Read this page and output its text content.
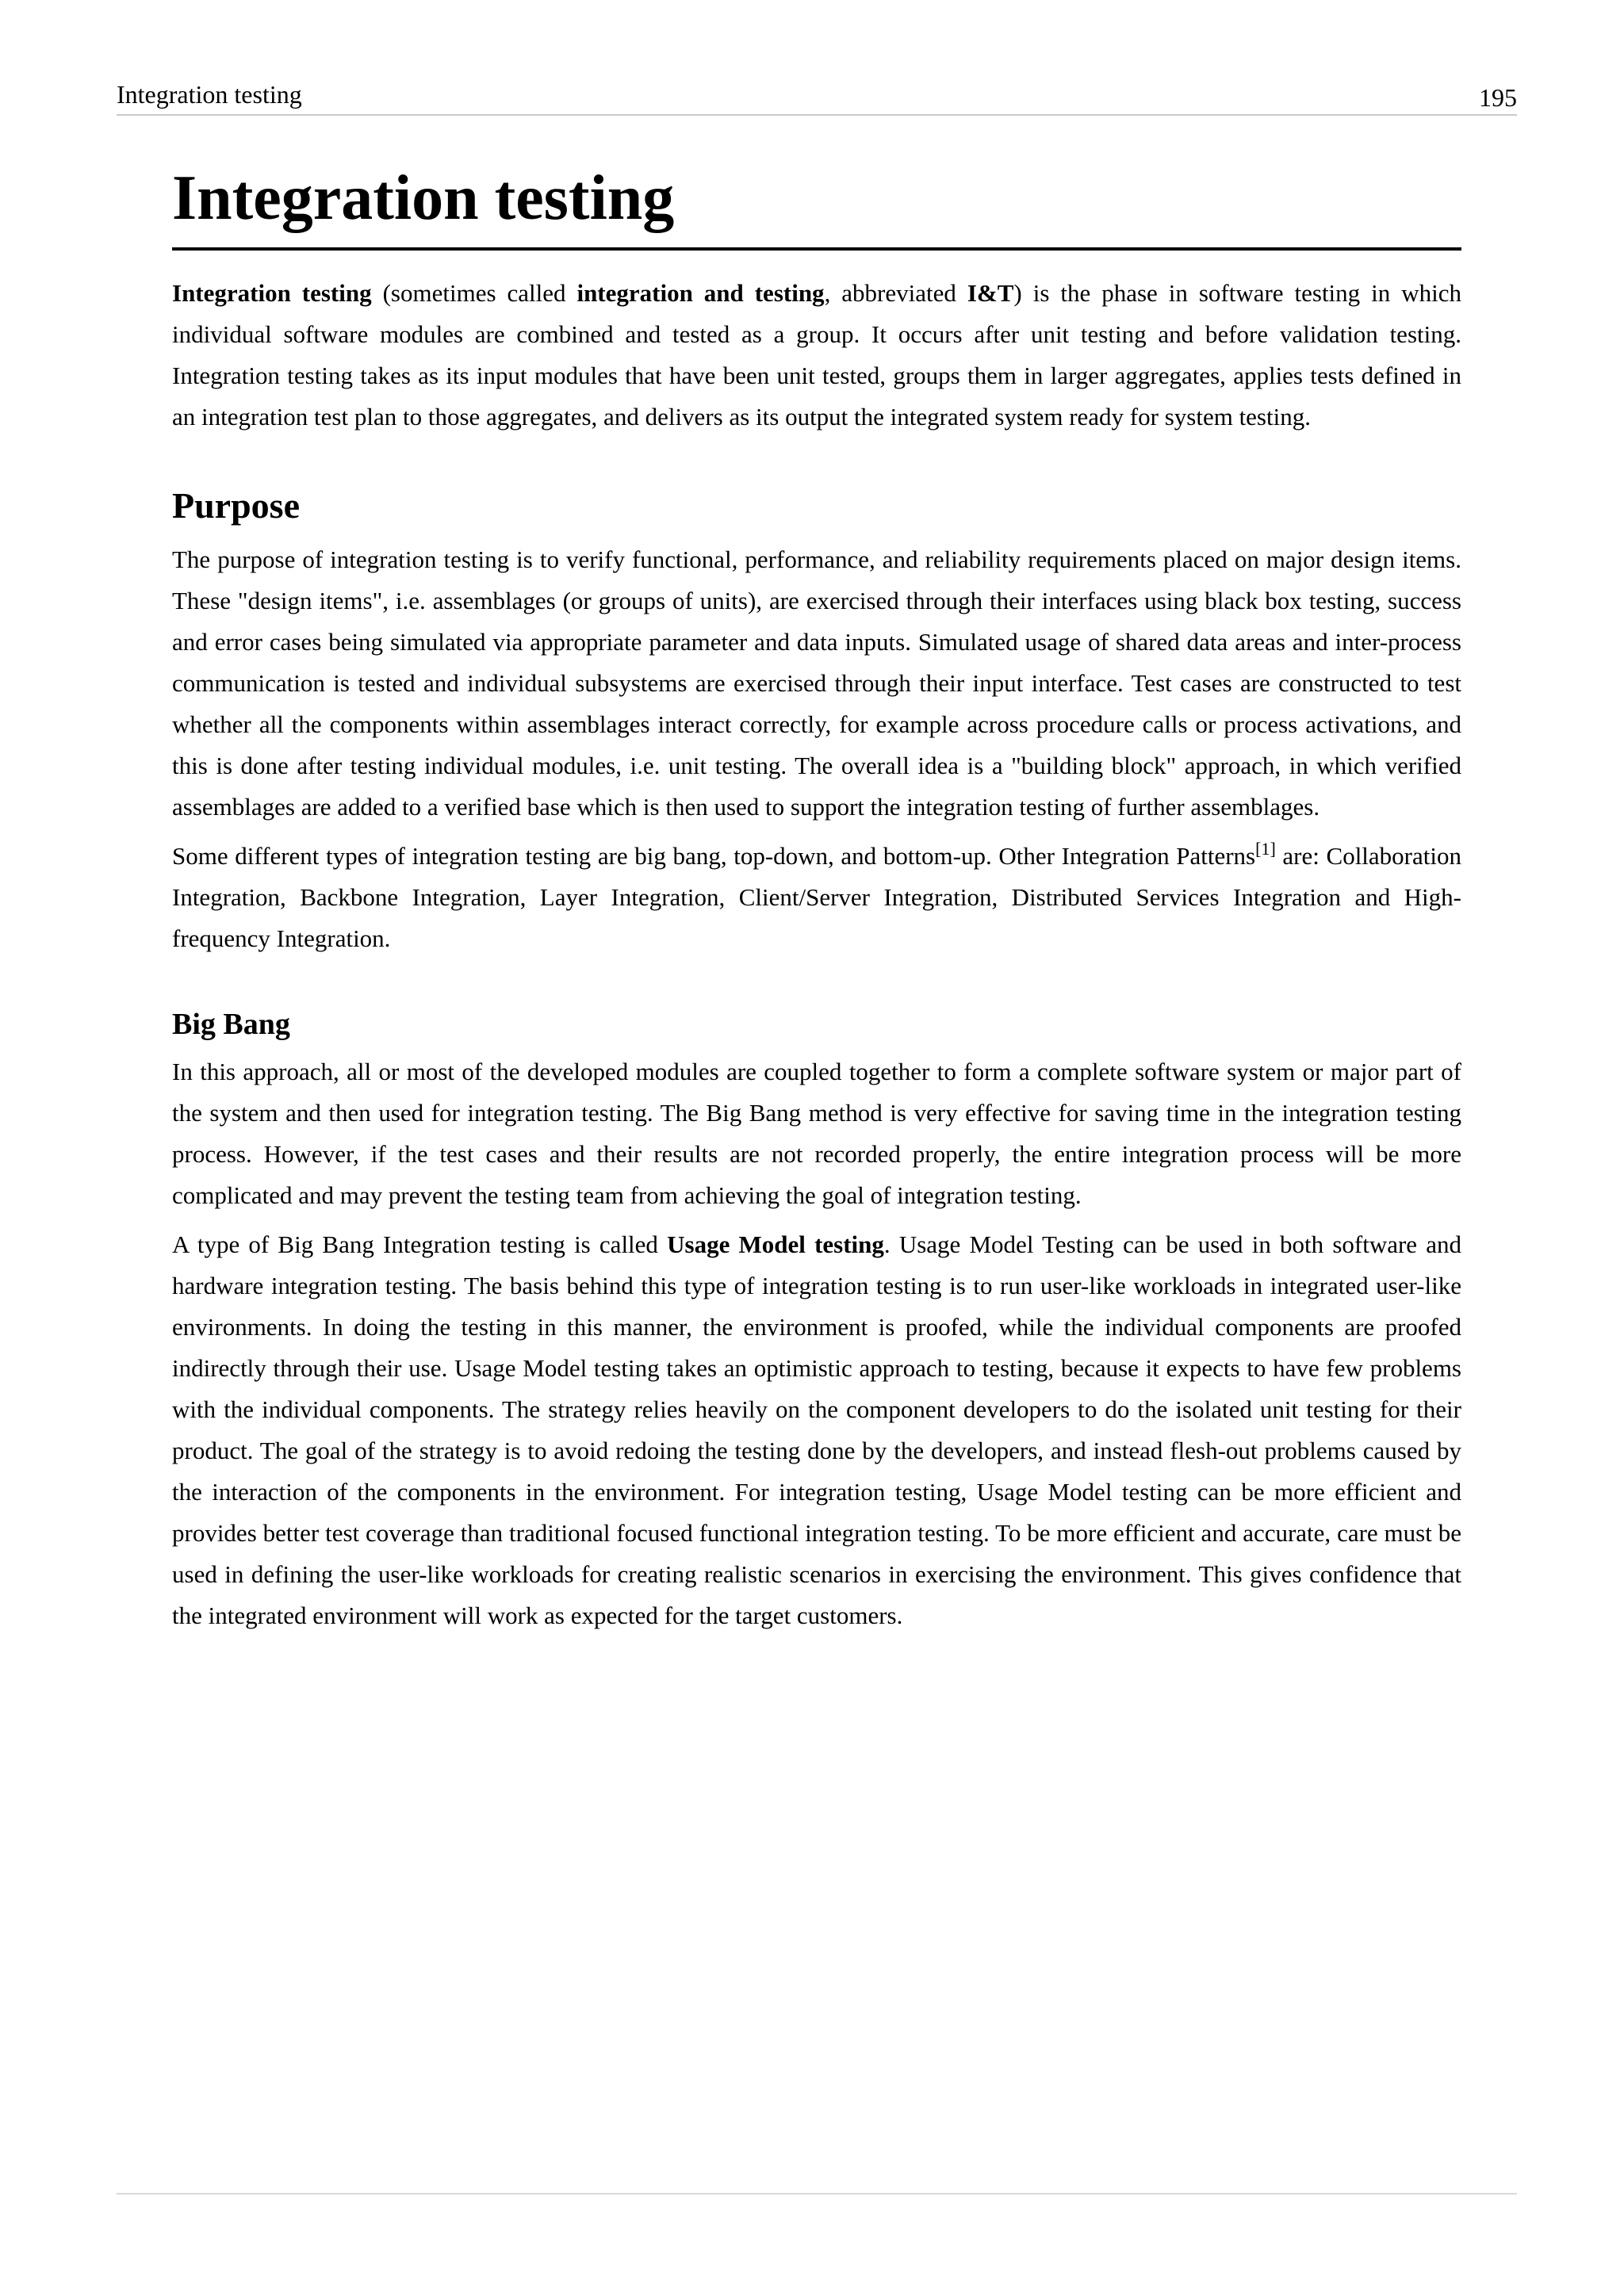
Integration testing	195
Integration testing

Integration testing (sometimes called integration and testing, abbreviated I&T) is the phase in software testing in which individual software modules are combined and tested as a group. It occurs after unit testing and before validation testing. Integration testing takes as its input modules that have been unit tested, groups them in larger aggregates, applies tests defined in an integration test plan to those aggregates, and delivers as its output the integrated system ready for system testing.

Purpose

The purpose of integration testing is to verify functional, performance, and reliability requirements placed on major design items. These "design items", i.e. assemblages (or groups of units), are exercised through their interfaces using black box testing, success and error cases being simulated via appropriate parameter and data inputs. Simulated usage of shared data areas and inter-process communication is tested and individual subsystems are exercised through their input interface. Test cases are constructed to test whether all the components within assemblages interact correctly, for example across procedure calls or process activations, and this is done after testing individual modules, i.e. unit testing. The overall idea is a "building block" approach, in which verified assemblages are added to a verified base which is then used to support the integration testing of further assemblages.

Some different types of integration testing are big bang, top-down, and bottom-up. Other Integration Patterns[1] are: Collaboration Integration, Backbone Integration, Layer Integration, Client/Server Integration, Distributed Services Integration and High-frequency Integration.

Big Bang

In this approach, all or most of the developed modules are coupled together to form a complete software system or major part of the system and then used for integration testing. The Big Bang method is very effective for saving time in the integration testing process. However, if the test cases and their results are not recorded properly, the entire integration process will be more complicated and may prevent the testing team from achieving the goal of integration testing.

A type of Big Bang Integration testing is called Usage Model testing. Usage Model Testing can be used in both software and hardware integration testing. The basis behind this type of integration testing is to run user-like workloads in integrated user-like environments. In doing the testing in this manner, the environment is proofed, while the individual components are proofed indirectly through their use. Usage Model testing takes an optimistic approach to testing, because it expects to have few problems with the individual components. The strategy relies heavily on the component developers to do the isolated unit testing for their product. The goal of the strategy is to avoid redoing the testing done by the developers, and instead flesh-out problems caused by the interaction of the components in the environment. For integration testing, Usage Model testing can be more efficient and provides better test coverage than traditional focused functional integration testing. To be more efficient and accurate, care must be used in defining the user-like workloads for creating realistic scenarios in exercising the environment. This gives confidence that the integrated environment will work as expected for the target customers.
